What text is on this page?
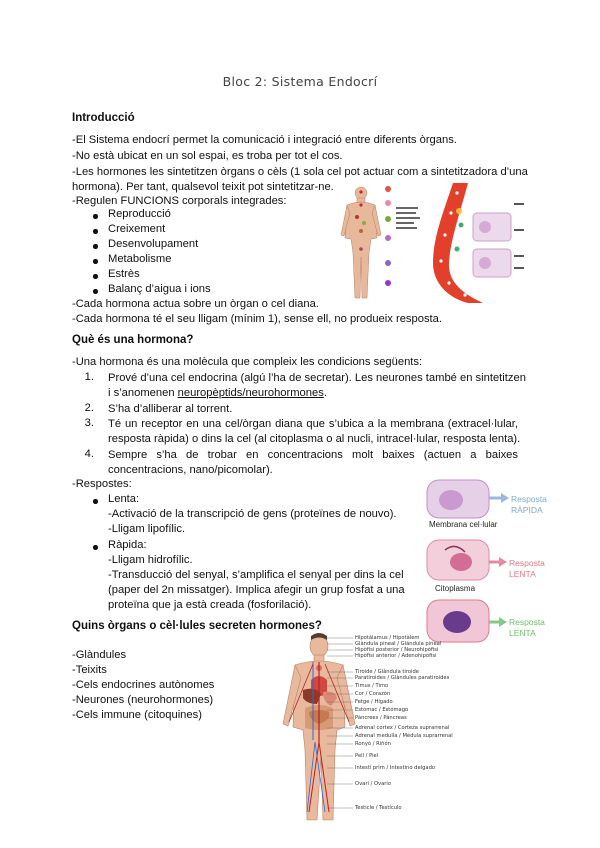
Bloc 2: Sistema Endocrí
Introducció
-El Sistema endocrí permet la comunicació i integració entre diferents òrgans.
-No està ubicat en un sol espai, es troba per tot el cos.
-Les hormones les sintetitzen òrgans o cèls (1 sola cel pot actuar com a sintetitzadora d’una
hormona). Per tant, qualsevol teixit pot sintetitzar-ne.
-Regulen FUNCIONS corporals integrades:
Reproducció
Creixement
Desenvolupament
Metabolisme
Estrès
Balanç d’aigua i ions
-Cada hormona actua sobre un òrgan o cel diana.
-Cada hormona té el seu lligam (mínim 1), sense ell, no produeix resposta.
Què és una hormona?
-Una hormona és una molècula que compleix les condicions següents:
1. Prové d’una cel endocrina (algú l’ha de secretar). Les neurones també en sintetitzen
i s’anomenen neuropèptids/neurohormones.
2. S’ha d’alliberar al torrent.
3. Té un receptor en una cel/òrgan diana que s’ubica a la membrana (extracel·lular,
resposta ràpida) o dins la cel (al citoplasma o al nucli, intracel·lular, resposta lenta).
4. Sempre s’ha de trobar en concentracions molt baixes (actuen a baixes
concentracions, nano/picomolar).
-Respostes:
Lenta:
-Activació de la transcripció de gens (proteïnes de nouvo).
-Lligam lipofílic.
Ràpida:
-Lligam hidrofílic.
-Transducció del senyal, s’amplifica el senyal per dins la cel
(paper del 2n missatger). Implica afegir un grup fosfat a una
proteïna que ja està creada (fosforilació).
Membrana cel·lular
Citoplasma
Resposta
RÀPIDA
Resposta
LENTA
Resposta
LENTA
Quins òrgans o cèl·lules secreten hormones?
-Glàndules
-Teixits
-Cels endocrines autònomes
-Neurones (neurohormones)
-Cels immune (citoquines)
Hipotàlamus / Hipotàlem
Glàndula pineal / Glándula pineal
Hipòfisi posterior / Neurohipòfisi
Hipòfisi anterior / Adenohipòfisi
Tiroide / Glàndula tiroide
Paratiroides / Glàndules paratiroides
Timus / Timo
Cor / Corazón
Fetge / Hígado
Estómac / Estómago
Pàncrees / Páncreas
Adrenal cortex / Corteza suprarrenal
Adrenal medulla / Médula suprarrenal
Ronyó / Riñón
Pell / Piel
Intestí prim / Intestino delgado
Ovari / Ovario
Testicle / Testículo
